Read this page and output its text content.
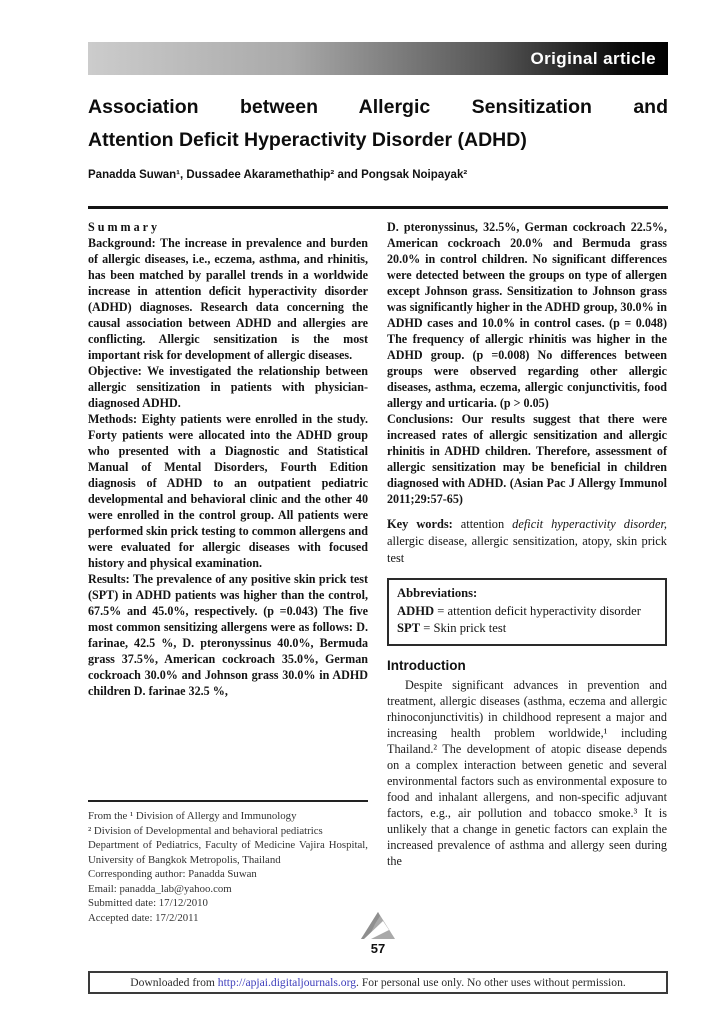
Original article
Association between Allergic Sensitization and
Attention Deficit Hyperactivity Disorder (ADHD)
Panadda Suwan¹, Dussadee Akaramethathip² and Pongsak Noipayak²

Summary

Background: The increase in prevalence and burden of allergic diseases, i.e., eczema, asthma, and rhinitis, has been matched by parallel trends in a worldwide increase in attention deficit hyperactivity disorder (ADHD) diagnoses. Research data concerning the causal association between ADHD and allergies are conflicting. Allergic sensitization is the most important risk for development of allergic diseases.

Objective: We investigated the relationship between allergic sensitization in patients with physician-diagnosed ADHD.

Methods: Eighty patients were enrolled in the study. Forty patients were allocated into the ADHD group who presented with a Diagnostic and Statistical Manual of Mental Disorders, Fourth Edition diagnosis of ADHD to an outpatient pediatric developmental and behavioral clinic and the other 40 were enrolled in the control group. All patients were performed skin prick testing to common allergens and were evaluated for allergic diseases with focused history and physical examination.

Results: The prevalence of any positive skin prick test (SPT) in ADHD patients was higher than the control, 67.5% and 45.0%, respectively. (p =0.043) The five most common sensitizing allergens were as follows: D. farinae, 42.5 %, D. pteronyssinus 40.0%, Bermuda grass 37.5%, American cockroach 35.0%, German cockroach 30.0% and Johnson grass 30.0% in ADHD children D. farinae 32.5 %,

From the ¹ Division of Allergy and Immunology

² Division of Developmental and behavioral pediatrics

Department of Pediatrics, Faculty of Medicine Vajira Hospital, University of Bangkok Metropolis, Thailand

Corresponding author: Panadda Suwan

Email: panadda_lab@yahoo.com

Submitted date: 17/12/2010

Accepted date: 17/2/2011

D. pteronyssinus, 32.5%, German cockroach 22.5%, American cockroach 20.0% and Bermuda grass 20.0% in control children. No significant differences were detected between the groups on type of allergen except Johnson grass. Sensitization to Johnson grass was significantly higher in the ADHD group, 30.0% in ADHD cases and 10.0% in control cases. (p = 0.048) The frequency of allergic rhinitis was higher in the ADHD group. (p =0.008) No differences between groups were observed regarding other allergic diseases, asthma, eczema, allergic conjunctivitis, food allergy and urticaria. (p > 0.05)

Conclusions: Our results suggest that there were increased rates of allergic sensitization and allergic rhinitis in ADHD children. Therefore, assessment of allergic sensitization may be beneficial in children diagnosed with ADHD. (Asian Pac J Allergy Immunol 2011;29:57-65)

Key words: attention deficit hyperactivity disorder, allergic disease, allergic sensitization, atopy, skin prick test

Abbreviations:
ADHD = attention deficit hyperactivity disorder
SPT = Skin prick test

Introduction

Despite significant advances in prevention and treatment, allergic diseases (asthma, eczema and allergic rhinoconjunctivitis) in childhood represent a major and increasing health problem worldwide,¹ including Thailand.² The development of atopic disease depends on a complex interaction between genetic and several environmental factors such as environmental exposure to food and inhalant allergens, and non-specific adjuvant factors, e.g., air pollution and tobacco smoke.³ It is unlikely that a change in genetic factors can explain the increased prevalence of asthma and allergy seen during the

57
Downloaded from http://apjai.digitaljournals.org. For personal use only. No other uses without permission.
